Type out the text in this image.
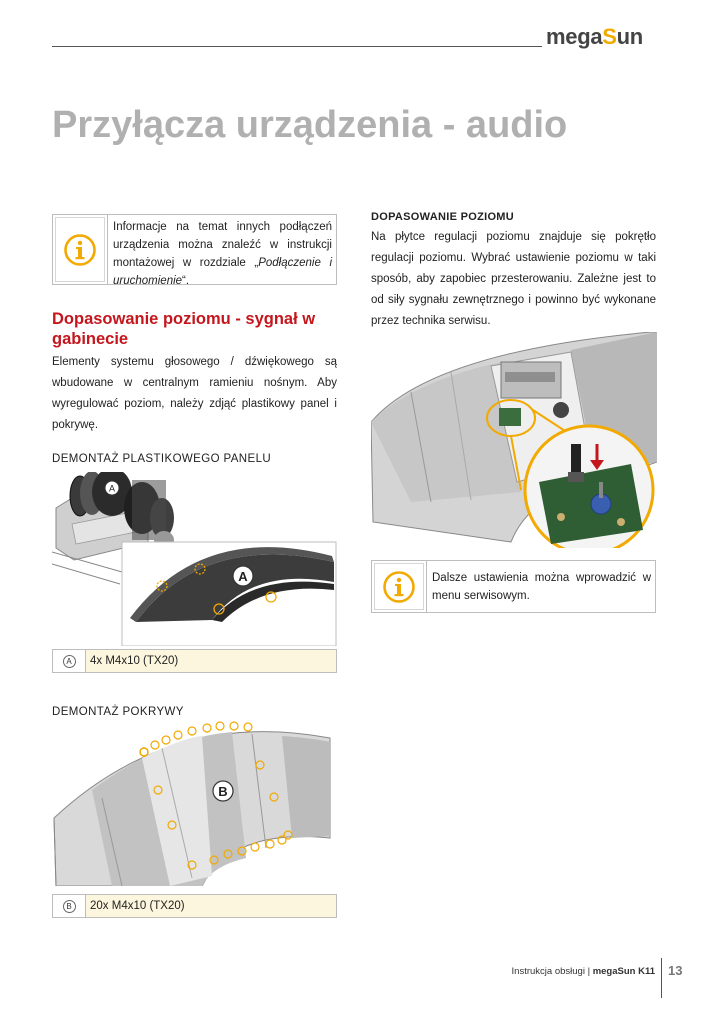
megaSun
Przyłącza urządzenia - audio
Informacje na temat innych podłączeń urządzenia można znaleźć w instrukcji montażowej w rozdziale „Podłączenie i uruchomienie“.
Dopasowanie poziomu - sygnał w gabinecie

Elementy systemu głosowego / dźwiękowego są wbudowane w centralnym ramieniu nośnym. Aby wyregulować poziom, należy zdjąć plastikowy panel i pokrywę.

DEMONTAŻ PLASTIKOWEGO PANELU
A
A
A	4x M4x10 (TX20)
DEMONTAŻ POKRYWY
B
B	20x M4x10 (TX20)
DOPASOWANIE POZIOMU

Na płytce regulacji poziomu znajduje się pokrętło regulacji poziomu. Wybrać ustawienie poziomu w taki sposób, aby zapobiec przesterowaniu. Zależne jest to od siły sygnału zewnętrznego i powinno być wykonane przez technika serwisu.

Dalsze ustawienia można wprowadzić w menu serwisowym.
Instrukcja obsługi | megaSun K11 13
